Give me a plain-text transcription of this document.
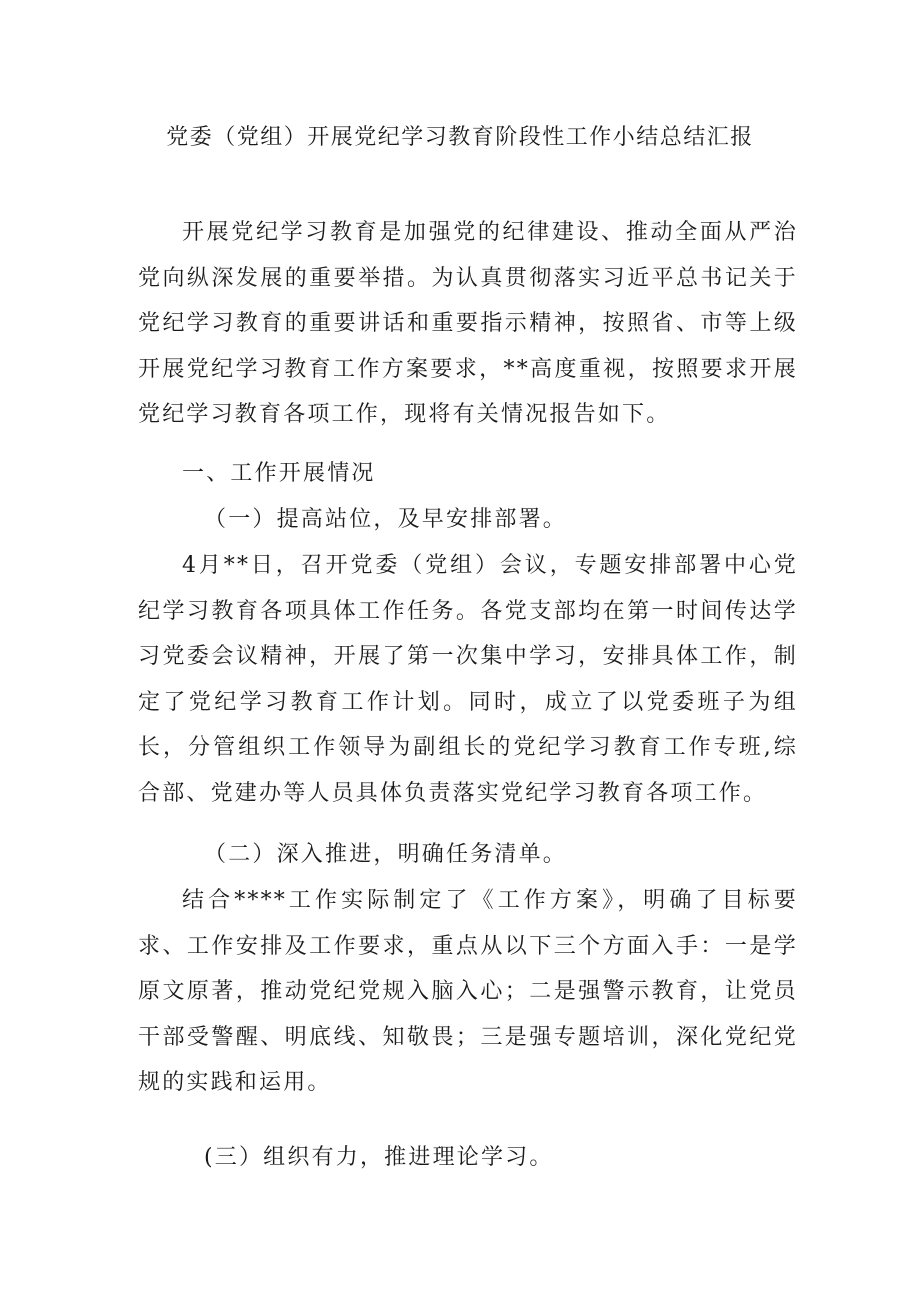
党委（党组）开展党纪学习教育阶段性工作小结总结汇报

开展党纪学习教育是加强党的纪律建设、推动全面从严治党向纵深发展的重要举措。为认真贯彻落实习近平总书记关于党纪学习教育的重要讲话和重要指示精神，按照省、市等上级开展党纪学习教育工作方案要求，**高度重视，按照要求开展党纪学习教育各项工作，现将有关情况报告如下。

一、工作开展情况
（一）提高站位，及早安排部署。

4月**日，召开党委（党组）会议，专题安排部署中心党纪学习教育各项具体工作任务。各党支部均在第一时间传达学习党委会议精神，开展了第一次集中学习，安排具体工作，制定了党纪学习教育工作计划。同时，成立了以党委班子为组长，分管组织工作领导为副组长的党纪学习教育工作专班,综合部、党建办等人员具体负责落实党纪学习教育各项工作。

（二）深入推进，明确任务清单。

结合****工作实际制定了《工作方案》，明确了目标要求、工作安排及工作要求，重点从以下三个方面入手：一是学原文原著，推动党纪党规入脑入心；二是强警示教育，让党员干部受警醒、明底线、知敬畏；三是强专题培训，深化党纪党规的实践和运用。

(三）组织有力，推进理论学习。
